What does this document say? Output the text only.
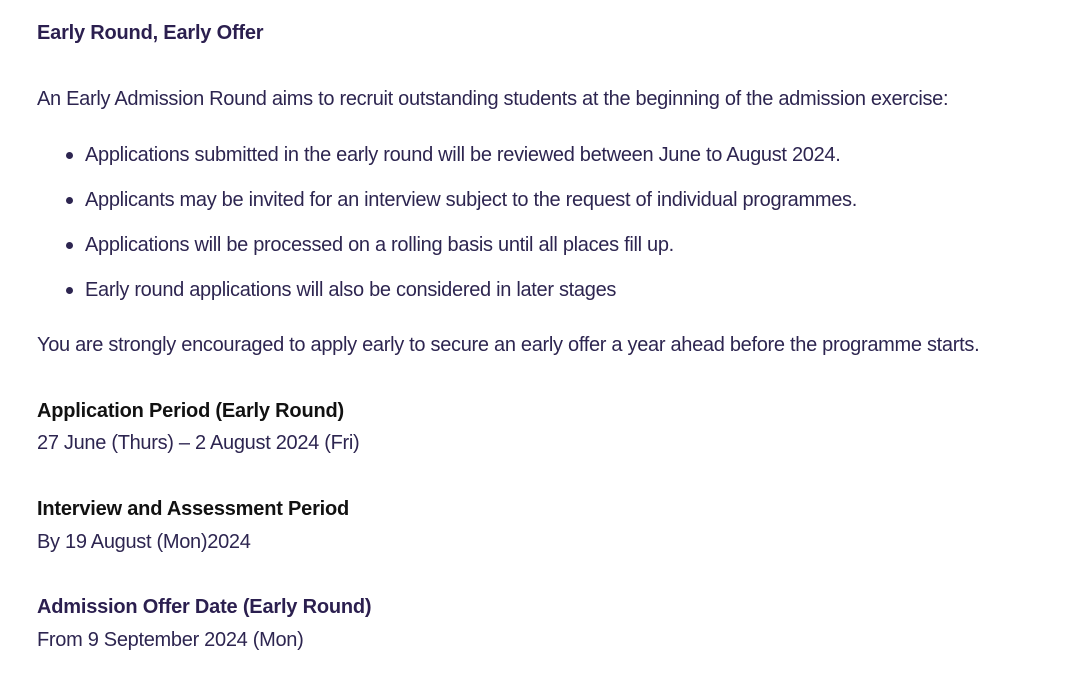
Early Round, Early Offer
An Early Admission Round aims to recruit outstanding students at the beginning of the admission exercise:
Applications submitted in the early round will be reviewed between June to August 2024.
Applicants may be invited for an interview subject to the request of individual programmes.
Applications will be processed on a rolling basis until all places fill up.
Early round applications will also be considered in later stages
You are strongly encouraged to apply early to secure an early offer a year ahead before the programme starts.
Application Period (Early Round)
27 June (Thurs) – 2 August 2024 (Fri)
Interview and Assessment Period
By 19 August (Mon)2024
Admission Offer Date (Early Round)
From 9 September 2024 (Mon)
